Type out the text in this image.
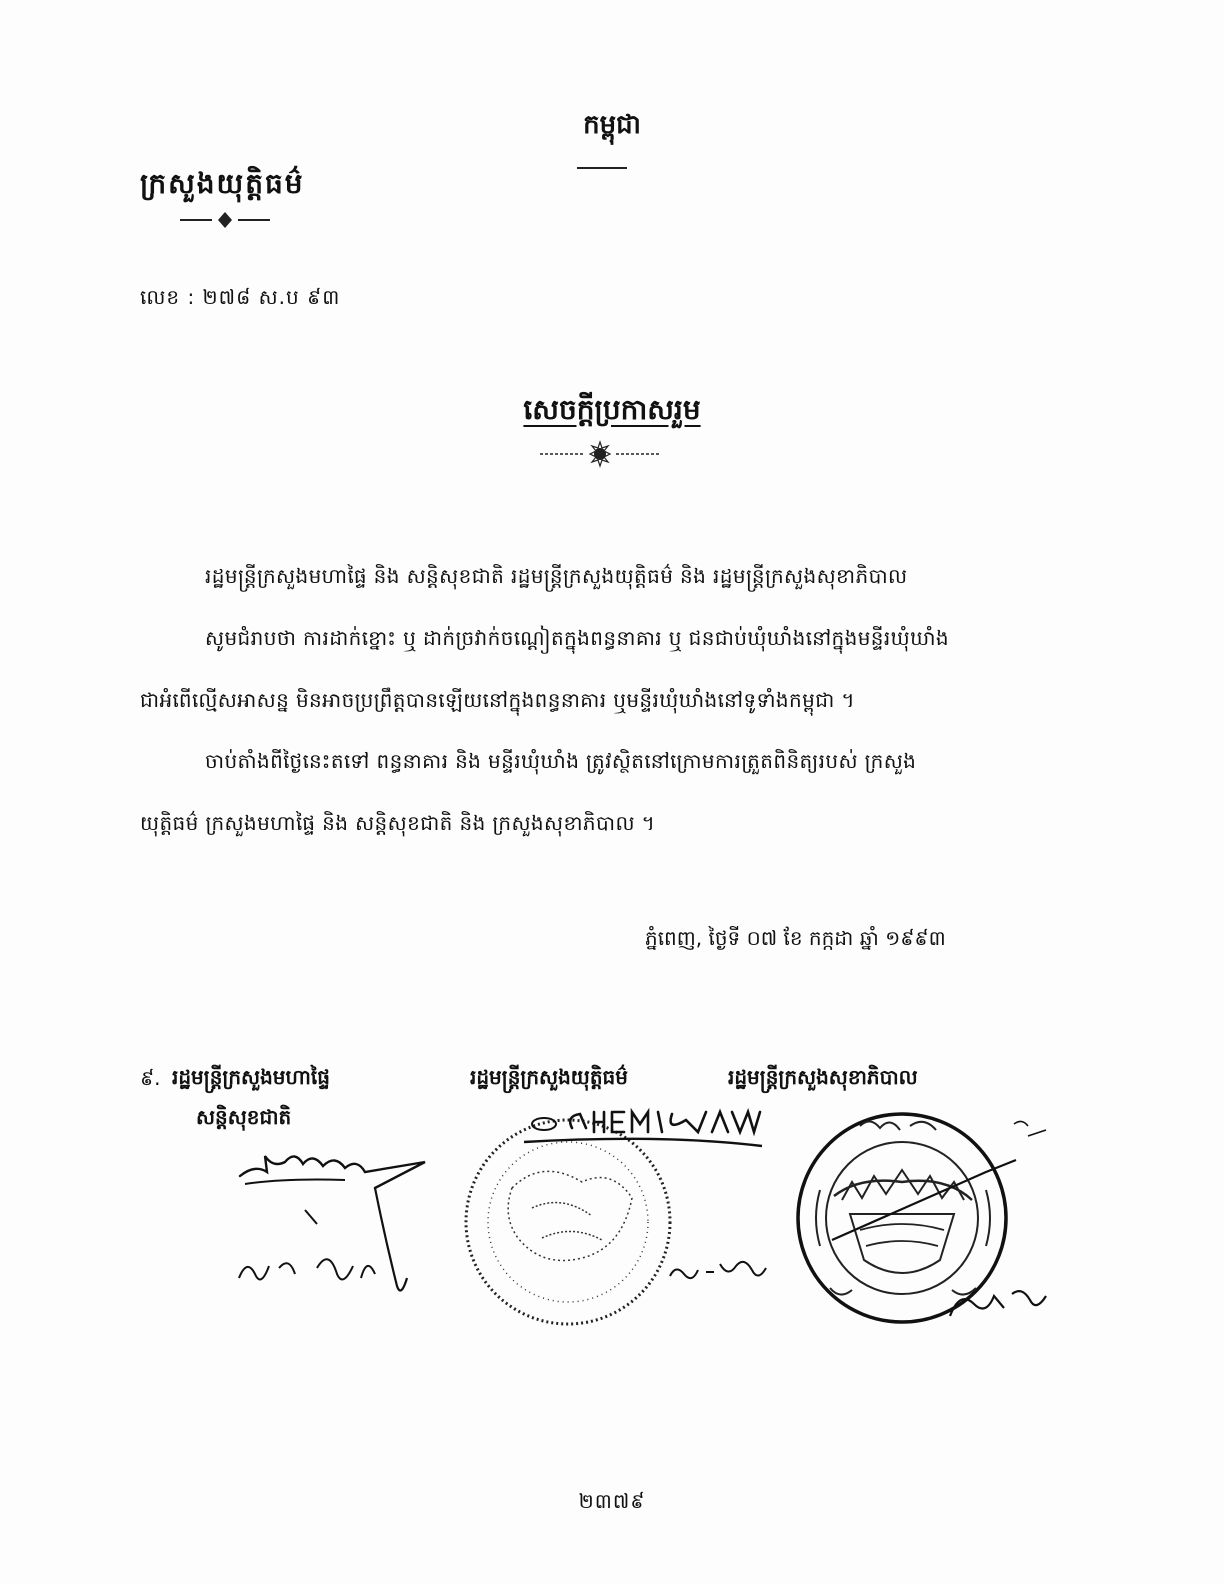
កម្ពុជា
ក្រសួងយុត្តិធម៌
លេខ : ២៧៨ ស.ប ៩៣
សេចក្តីប្រកាសរួម
រដ្ឋមន្ត្រីក្រសួងមហាផ្ទៃ និង សន្តិសុខជាតិ រដ្ឋមន្ត្រីក្រសួងយុត្តិធម៌ និង រដ្ឋមន្ត្រីក្រសួងសុខាភិបាល
សូមជំរាបថា ការដាក់ខ្នោះ ឬ ដាក់ច្រវាក់ចណ្ដៀតក្នុងពន្ធនាគារ ឬ ជនជាប់ឃុំឃាំងនៅក្នុងមន្ទីរឃុំឃាំង
ជាអំពើល្មើសអាសន្ន មិនអាចប្រព្រឹត្តបានឡើយនៅក្នុងពន្ធនាគារ ឬមន្ទីរឃុំឃាំងនៅទូទាំងកម្ពុជា ។
ចាប់តាំងពីថ្ងៃនេះតទៅ ពន្ធនាគារ និង មន្ទីរឃុំឃាំង ត្រូវស្ថិតនៅក្រោមការត្រួតពិនិត្យរបស់ ក្រសួង
យុត្តិធម៌ ក្រសួងមហាផ្ទៃ និង សន្តិសុខជាតិ និង ក្រសួងសុខាភិបាល ។
ភ្នំពេញ, ថ្ងៃទី ០៧ ខែ កក្កដា ឆ្នាំ ១៩៩៣
៩. រដ្ឋមន្ត្រីក្រសួងមហាផ្ទៃ
សន្តិសុខជាតិ
រដ្ឋមន្ត្រីក្រសួងយុត្តិធម៌	រដ្ឋមន្ត្រីក្រសួងសុខាភិបាល
២៣៧៩
